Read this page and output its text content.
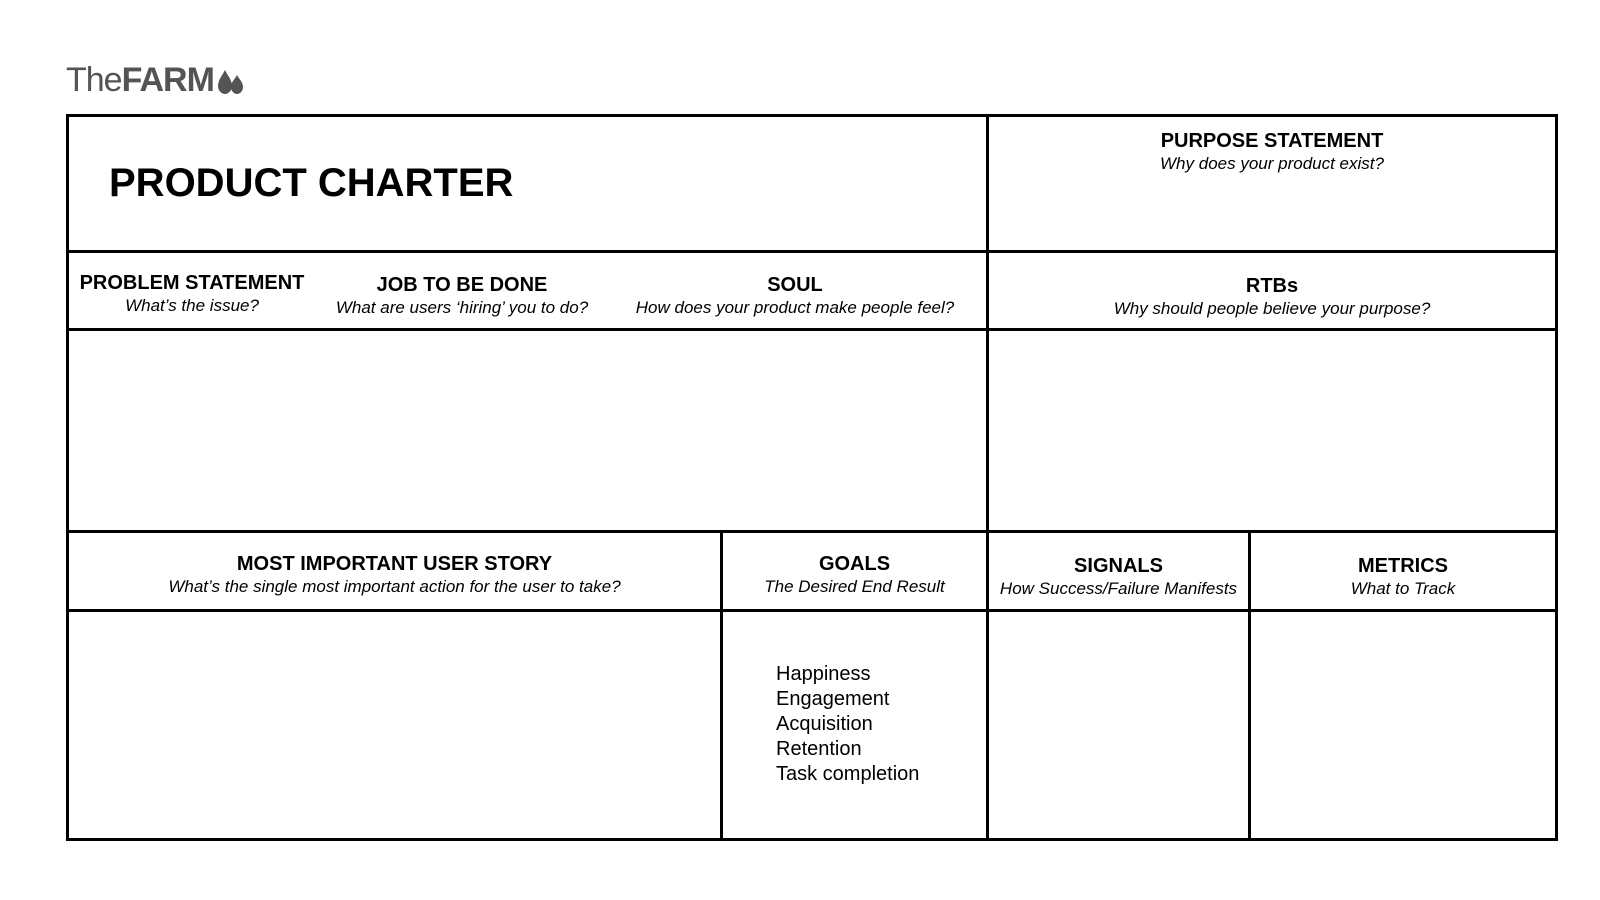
The FARM
PRODUCT CHARTER
PURPOSE STATEMENT
Why does your product exist?
PROBLEM STATEMENT
What’s the issue?
JOB TO BE DONE
What are users ‘hiring’ you to do?
SOUL
How does your product make people feel?
RTBs
Why should people believe your purpose?
MOST IMPORTANT USER STORY
What’s the single most important action for the user to take?
GOALS
The Desired End Result
SIGNALS
How Success/Failure Manifests
METRICS
What to Track
Happiness
Engagement
Acquisition
Retention
Task completion
